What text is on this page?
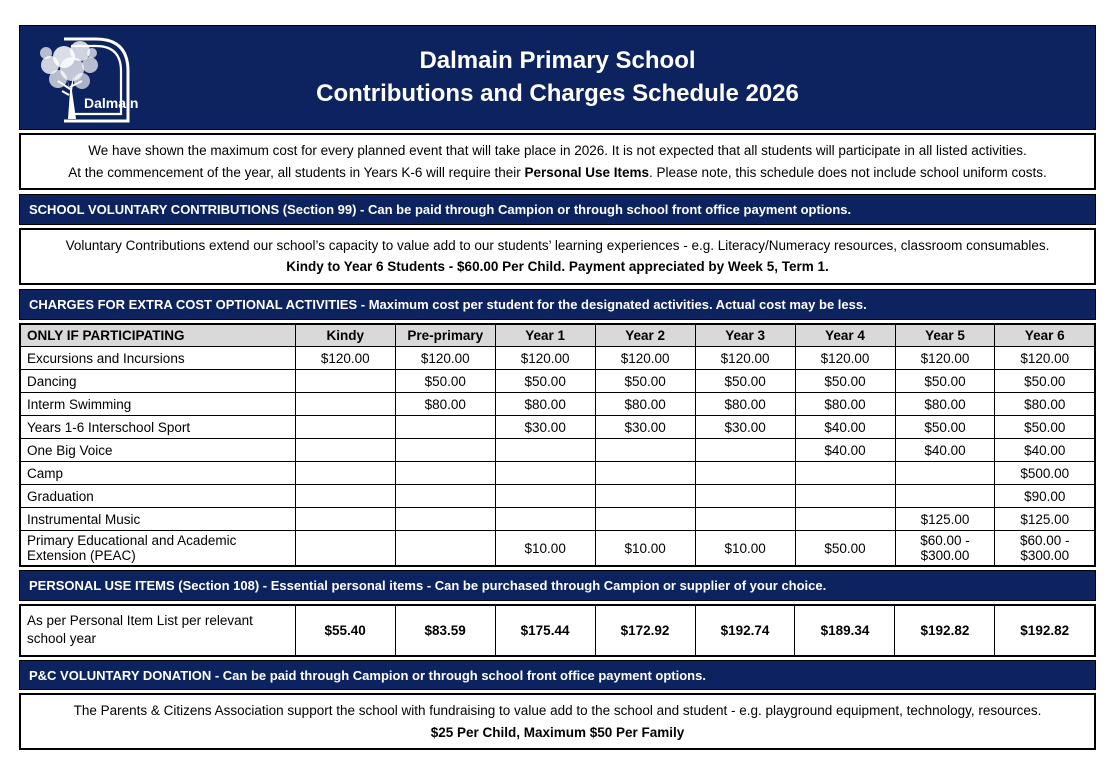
Dalmain
Dalmain Primary School
Contributions and Charges Schedule 2026
We have shown the maximum cost for every planned event that will take place in 2026. It is not expected that all students will participate in all listed activities.
At the commencement of the year, all students in Years K-6 will require their Personal Use Items. Please note, this schedule does not include school uniform costs.
SCHOOL VOLUNTARY CONTRIBUTIONS (Section 99) - Can be paid through Campion or through school front office payment options.
Voluntary Contributions extend our school’s capacity to value add to our students’ learning experiences - e.g. Literacy/Numeracy resources, classroom consumables.
Kindy to Year 6 Students - $60.00 Per Child. Payment appreciated by Week 5, Term 1.
CHARGES FOR EXTRA COST OPTIONAL ACTIVITIES - Maximum cost per student for the designated activities. Actual cost may be less.
ONLY IF PARTICIPATING	Kindy	Pre-primary	Year 1	Year 2	Year 3	Year 4	Year 5	Year 6
Excursions and Incursions	$120.00	$120.00	$120.00	$120.00	$120.00	$120.00	$120.00	$120.00
Dancing		$50.00	$50.00	$50.00	$50.00	$50.00	$50.00	$50.00
Interm Swimming		$80.00	$80.00	$80.00	$80.00	$80.00	$80.00	$80.00
Years 1-6 Interschool Sport			$30.00	$30.00	$30.00	$40.00	$50.00	$50.00
One Big Voice						$40.00	$40.00	$40.00
Camp								$500.00
Graduation								$90.00
Instrumental Music							$125.00	$125.00
Primary Educational and Academic Extension (PEAC)			$10.00	$10.00	$10.00	$50.00	$60.00 - $300.00	$60.00 - $300.00
PERSONAL USE ITEMS (Section 108) - Essential personal items - Can be purchased through Campion or supplier of your choice.
As per Personal Item List per relevant school year	$55.40	$83.59	$175.44	$172.92	$192.74	$189.34	$192.82	$192.82
P&C VOLUNTARY DONATION - Can be paid through Campion or through school front office payment options.
The Parents & Citizens Association support the school with fundraising to value add to the school and student - e.g. playground equipment, technology, resources.
$25 Per Child, Maximum $50 Per Family
